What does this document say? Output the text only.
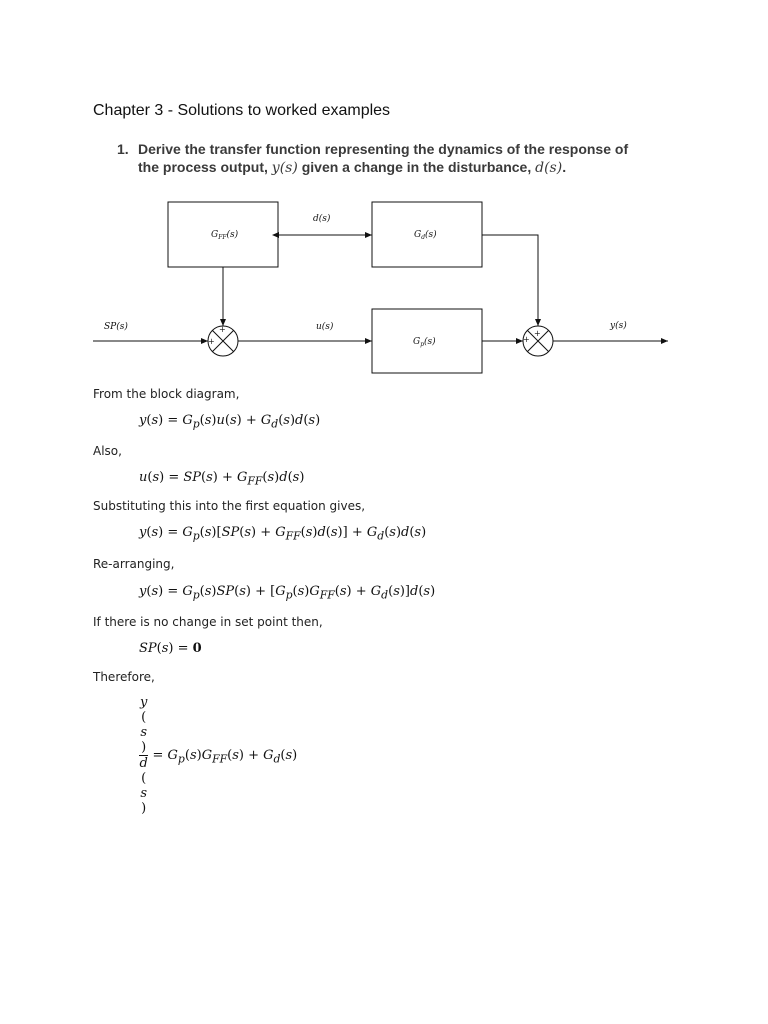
Chapter 3 - Solutions to worked examples
1. Derive the transfer function representing the dynamics of the response of
the process output, y(s) given a change in the disturbance, d(s).
$G_{FF}(s)$	$G_d(s)$
$G_p(s)$
+
+
+
+
d(s)
SP(s)	u(s)	y(s)
From the block diagram,
$y(s) = G_p(s)u(s) + G_d(s)d(s)$
Also,
$u(s) = SP(s) + G_{FF}(s)d(s)$
Substituting this into the first equation gives,
$y(s) = G_p(s)[SP(s) + G_{FF}(s)d(s)] + G_d(s)d(s)$
Re-arranging,
$y(s) = G_p(s)SP(s) + [G_p(s)G_{FF}(s) + G_d(s)]d(s)$
If there is no change in set point then,
SP(s) = 0
Therefore,
y
(
s
)
d
(
s
) = $G_p(s)G_{FF}(s) + G_d(s)$
